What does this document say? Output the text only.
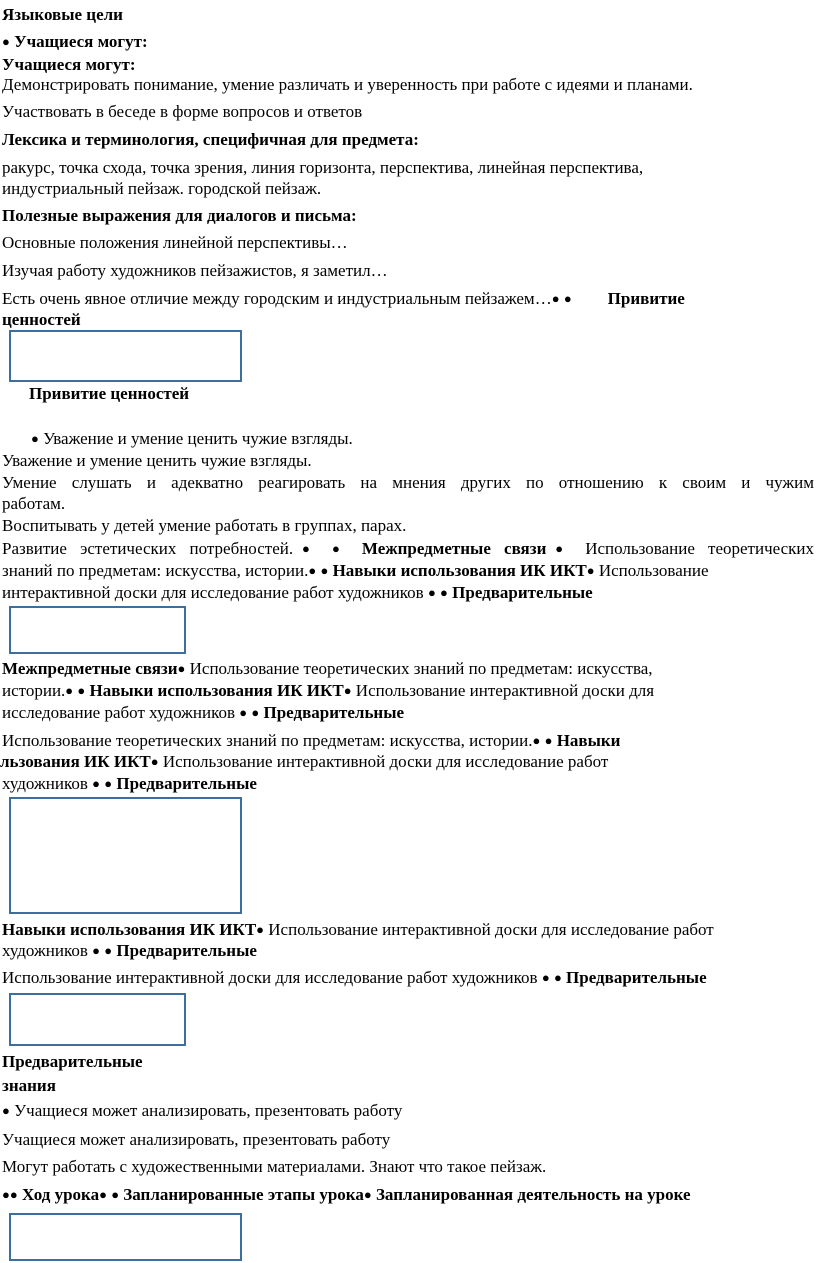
Языковые цели
● Учащиеся могут:
Учащиеся могут:
Демонстрировать понимание, умение различать и уверенность при работе с идеями и планами.
Участвовать в беседе в форме вопросов и ответов
Лексика и терминология, специфичная для предмета:
ракурс, точка схода, точка зрения, линия горизонта, перспектива, линейная перспектива,
индустриальный пейзаж. городской пейзаж.
Полезные выражения для диалогов и письма:
Основные положения линейной перспективы…
Изучая работу художников пейзажистов, я заметил…
Есть очень явное отличие между городским и индустриальным пейзажем…● ● Привитие
ценностей
Привитие ценностей
● Уважение и умение ценить чужие взгляды.
Уважение и умение ценить чужие взгляды.
Умение слушать и адекватно реагировать на мнения других по отношению к своим и чужим
работам.
Воспитывать у детей умение работать в группах, парах.
Развитие эстетических потребностей.● ● Межпредметные связи● Использование теоретических
знаний по предметам: искусства, истории.● ● Навыки использования ИК ИКТ● Использование
интерактивной доски для исследование работ художников ● ● Предварительные
Межпредметные связи● Использование теоретических знаний по предметам: искусства,
истории.● ● Навыки использования ИК ИКТ● Использование интерактивной доски для
исследование работ художников ● ● Предварительные
Использование теоретических знаний по предметам: искусства, истории.● ● Навыки
льзования ИК ИКТ● Использование интерактивной доски для исследование работ
художников ● ● Предварительные
Навыки использования ИК ИКТ● Использование интерактивной доски для исследование работ
художников ● ● Предварительные
Использование интерактивной доски для исследование работ художников ● ● Предварительные
Предварительные
знания
● Учащиеся может анализировать, презентовать работу
Учащиеся может анализировать, презентовать работу
Могут работать с художественными материалами. Знают что такое пейзаж.
●● Ход урока● ● Запланированные этапы урока● Запланированная деятельность на уроке
